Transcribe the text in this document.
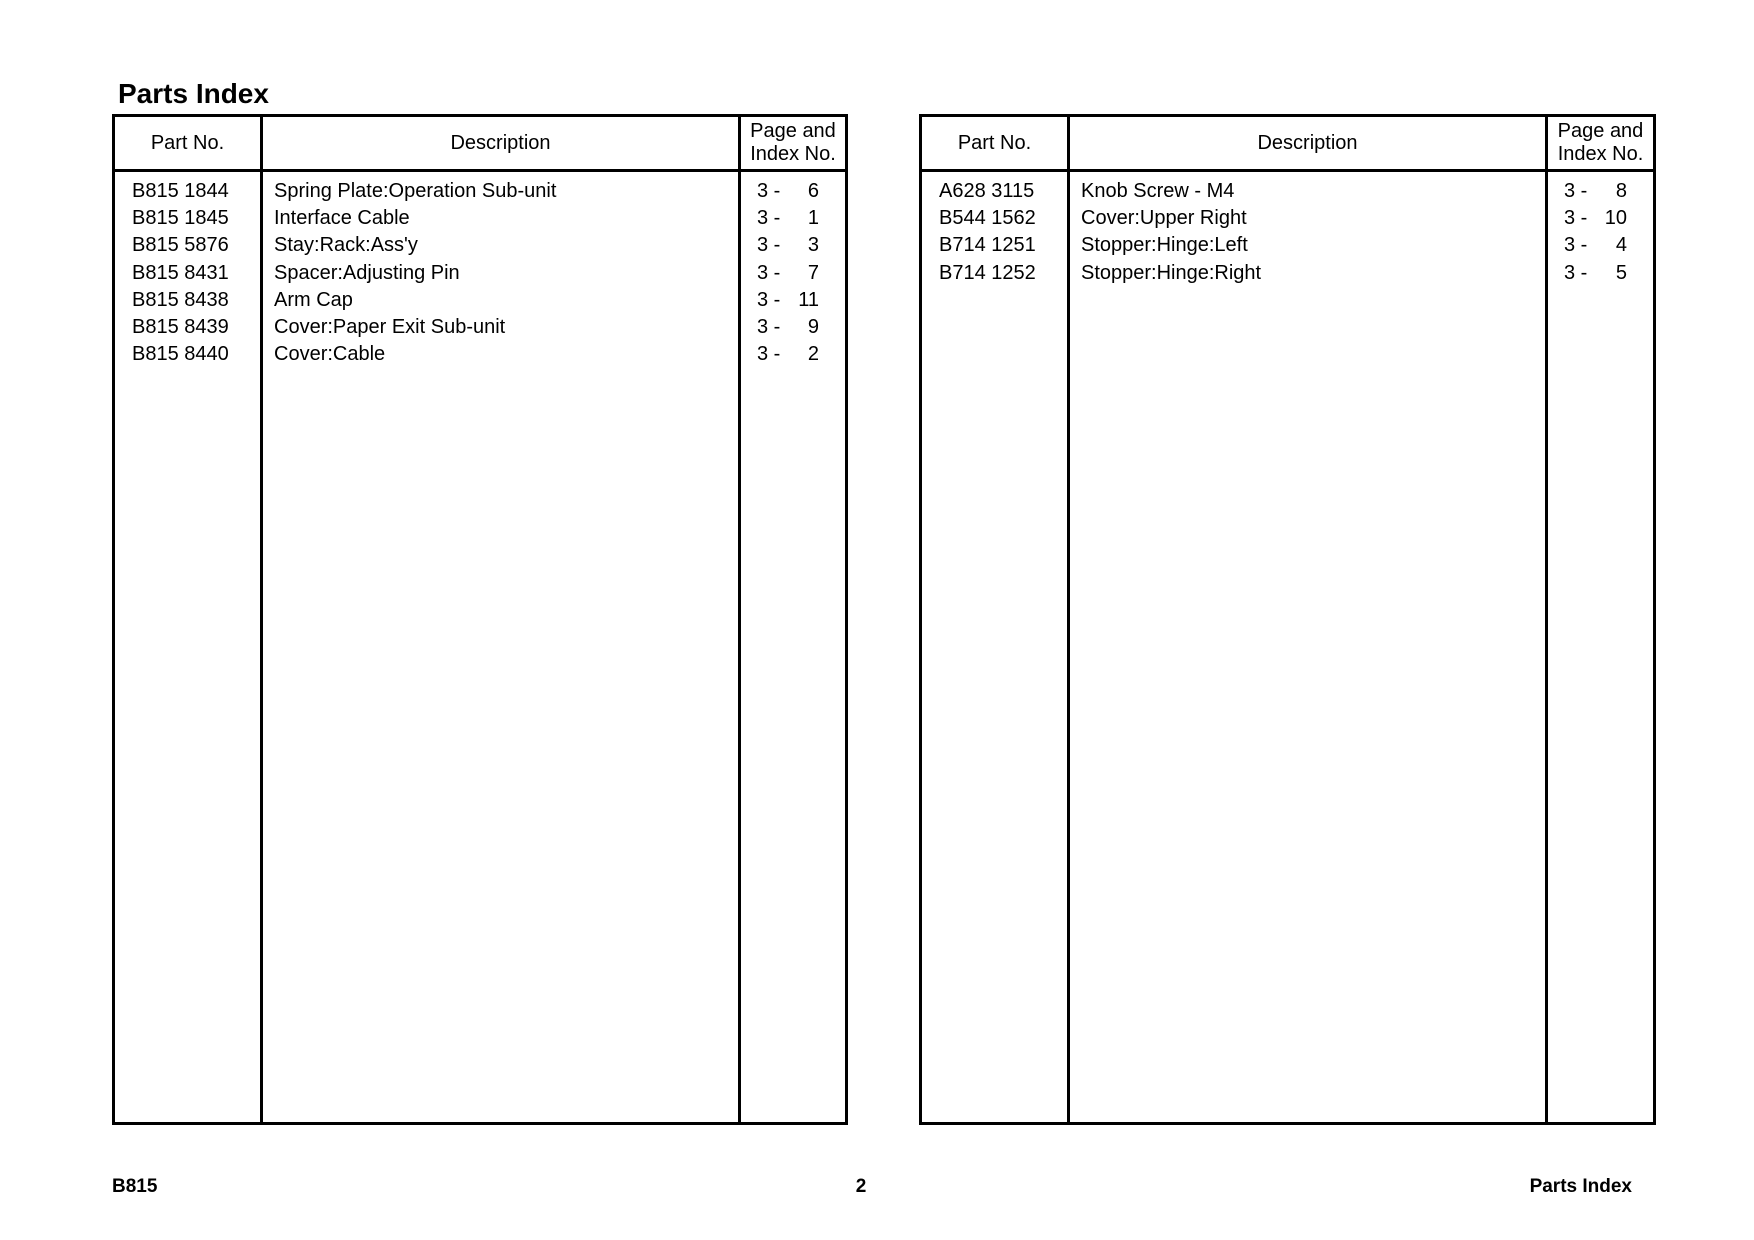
Parts Index
Part No.	Description
Page and
Index No.
B815 1844 Spring Plate:Operation Sub-unit	3 - 6
B815 1845 Interface Cable	3 - 1
B815 5876 Stay:Rack:Ass'y	3 - 3
B815 8431 Spacer:Adjusting Pin	3 - 7
B815 8438 Arm Cap	3 - 11
B815 8439 Cover:Paper Exit Sub-unit	3 - 9
B815 8440 Cover:Cable	3 - 2
Part No.	Description
Page and
Index No.
A628 3115 Knob Screw - M4	3 - 8
B544 1562 Cover:Upper Right	3 - 10
B714 1251 Stopper:Hinge:Left	3 - 4
B714 1252 Stopper:Hinge:Right	3 - 5
B815	2	Parts Index
